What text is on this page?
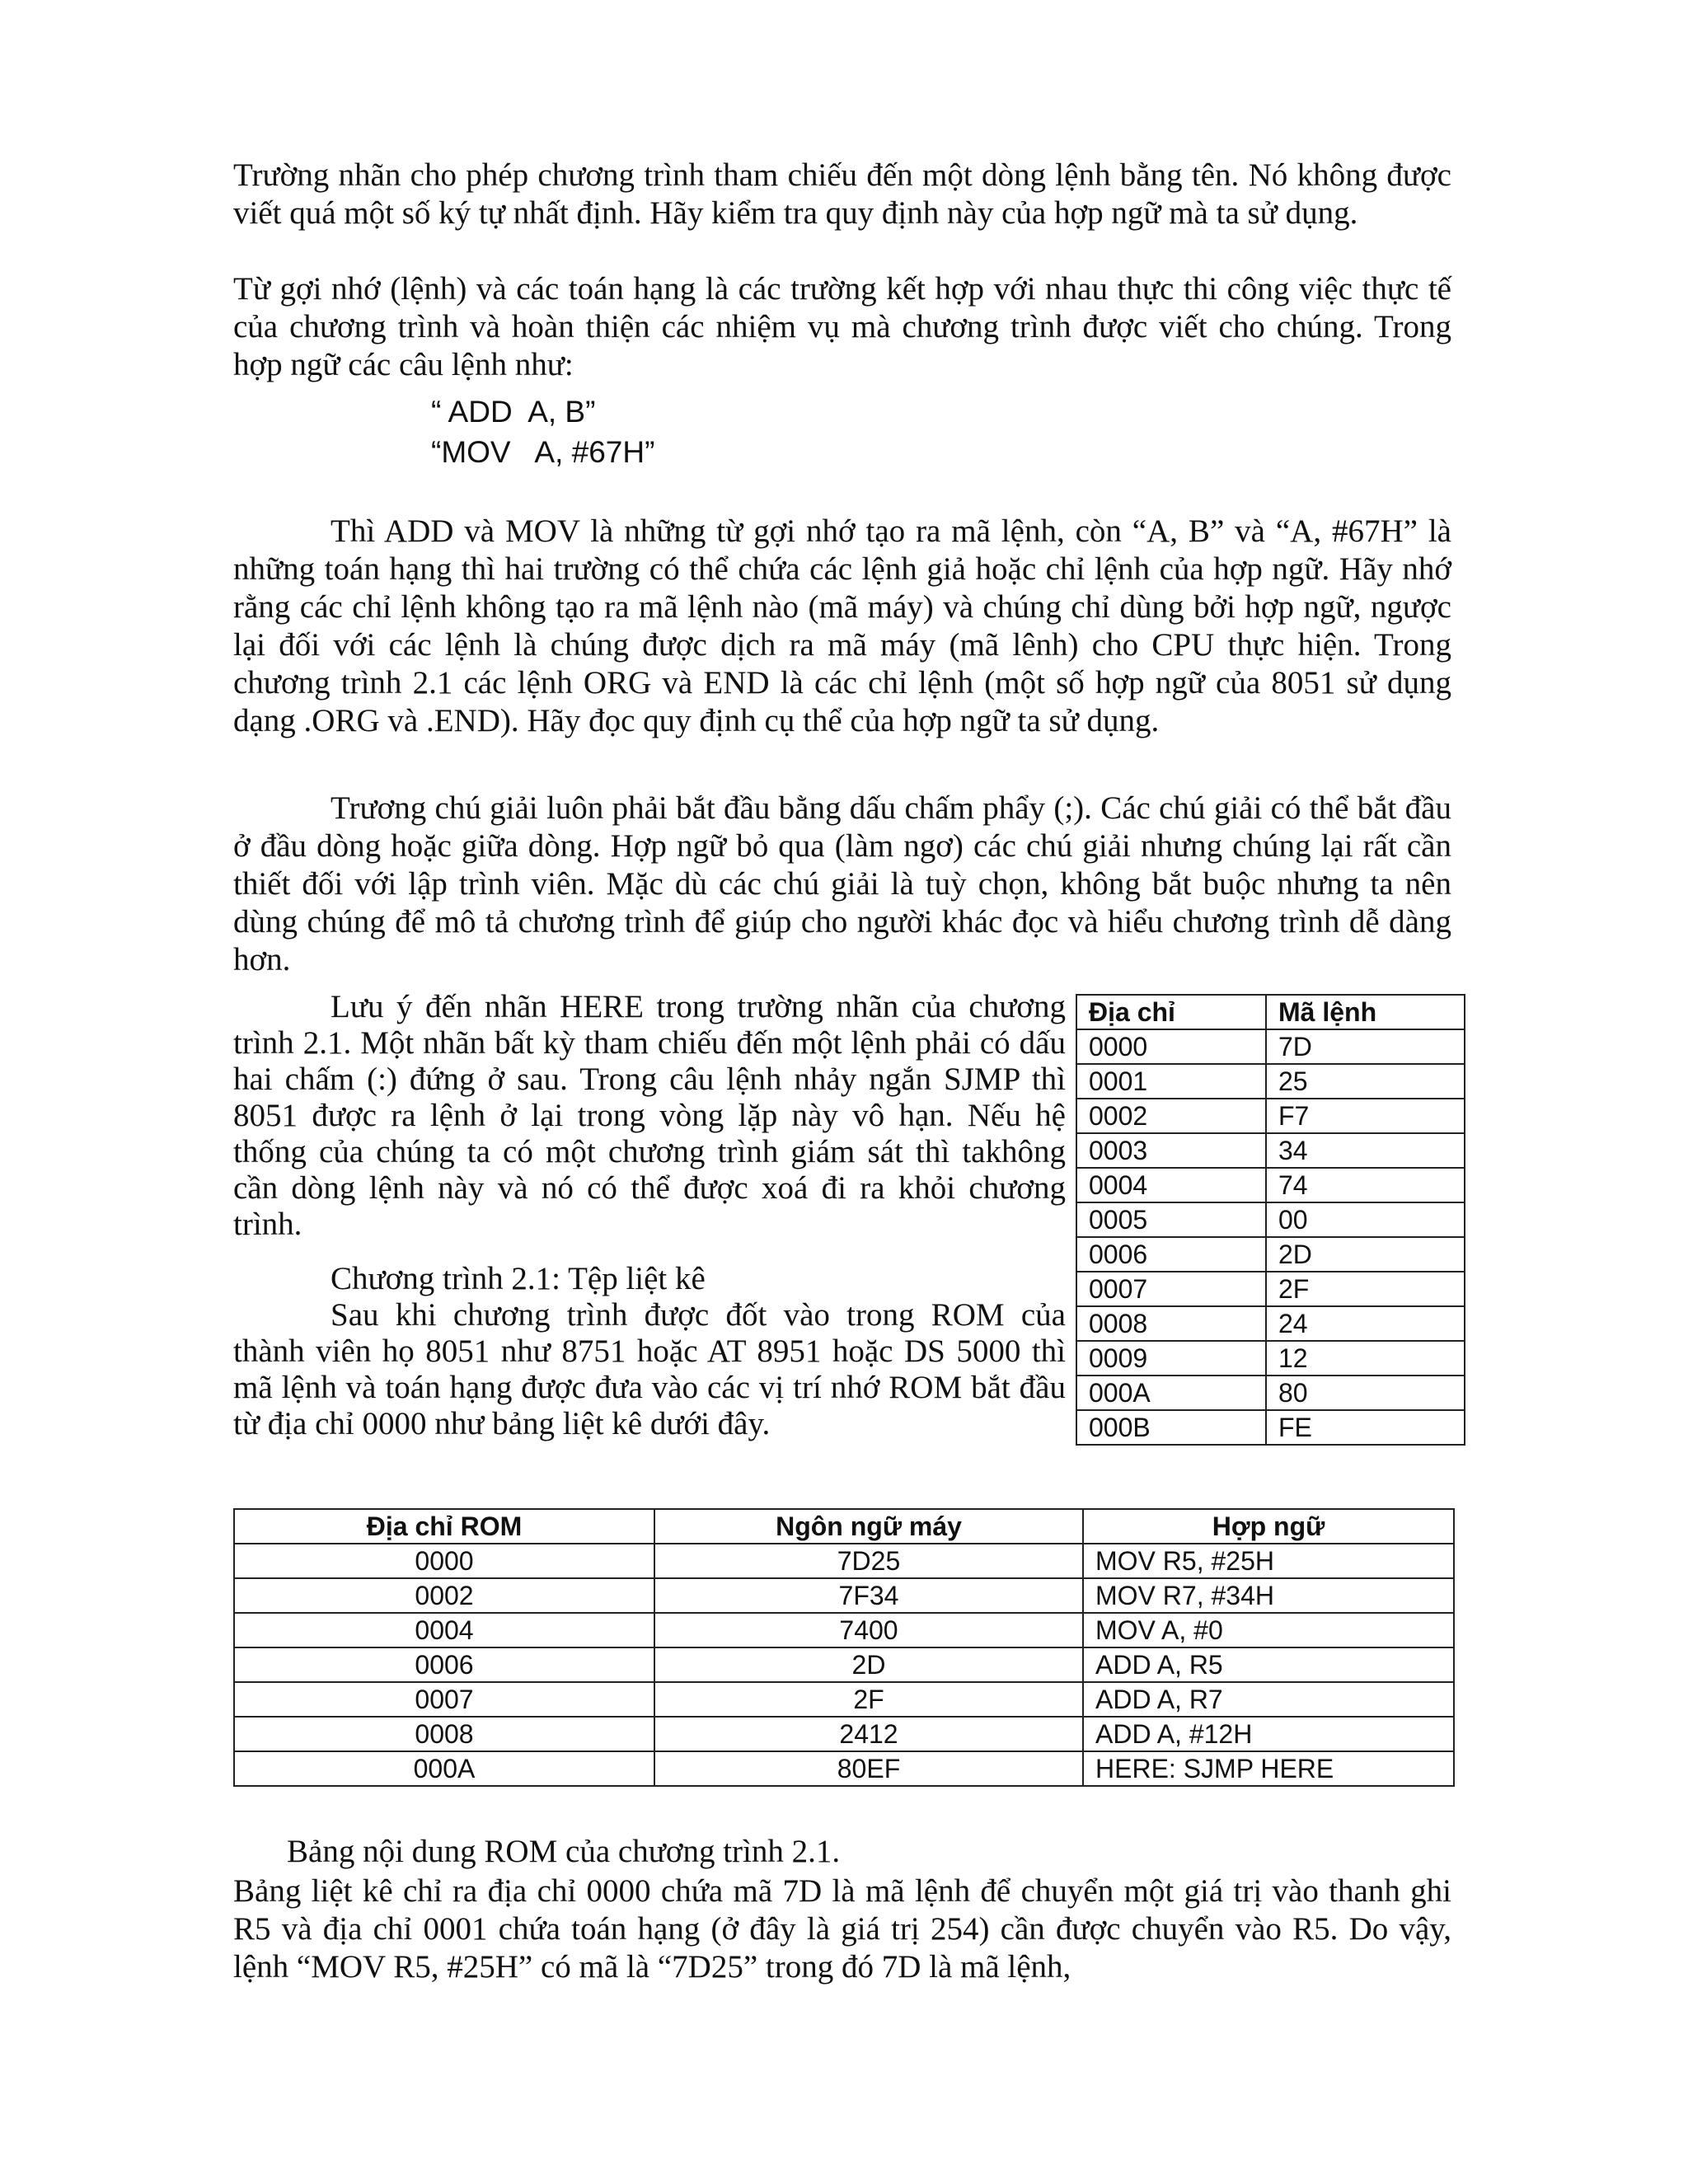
Trường nhãn cho phép chương trình tham chiếu đến một dòng lệnh bằng tên. Nó không được viết quá một số ký tự nhất định. Hãy kiểm tra quy định này của hợp ngữ mà ta sử dụng.

Từ gợi nhớ (lệnh) và các toán hạng là các trường kết hợp với nhau thực thi công việc thực tế của chương trình và hoàn thiện các nhiệm vụ mà chương trình được viết cho chúng. Trong hợp ngữ các câu lệnh như:

“ ADD  A, B”

“MOV   A, #67H”

Thì ADD và MOV là những từ gợi nhớ tạo ra mã lệnh, còn “A, B” và “A, #67H” là những toán hạng thì hai trường có thể chứa các lệnh giả hoặc chỉ lệnh của hợp ngữ. Hãy nhớ rằng các chỉ lệnh không tạo ra mã lệnh nào (mã máy) và chúng chỉ dùng bởi hợp ngữ, ngược lại đối với các lệnh là chúng được dịch ra mã máy (mã lênh) cho CPU thực hiện. Trong chương trình 2.1 các lệnh ORG và END là các chỉ lệnh (một số hợp ngữ của 8051 sử dụng dạng .ORG và .END). Hãy đọc quy định cụ thể của hợp ngữ ta sử dụng.

Trương chú giải luôn phải bắt đầu bằng dấu chấm phẩy (;). Các chú giải có thể bắt đầu ở đầu dòng hoặc giữa dòng. Hợp ngữ bỏ qua (làm ngơ) các chú giải nhưng chúng lại rất cần thiết đối với lập trình viên. Mặc dù các chú giải là tuỳ chọn, không bắt buộc nhưng ta nên dùng chúng để mô tả chương trình để giúp cho người khác đọc và hiểu chương trình dễ dàng hơn.

Lưu ý đến nhãn HERE trong trường nhãn của chương trình 2.1. Một nhãn bất kỳ tham chiếu đến một lệnh phải có dấu hai chấm (:) đứng ở sau. Trong câu lệnh nhảy ngắn SJMP thì 8051 được ra lệnh ở lại trong vòng lặp này vô hạn. Nếu hệ thống của chúng ta có một chương trình giám sát thì takhông cần dòng lệnh này và nó có thể được xoá đi ra khỏi chương trình.

Chương trình 2.1: Tệp liệt kê

Sau khi chương trình được đốt vào trong ROM của thành viên họ 8051 như 8751 hoặc AT 8951 hoặc DS 5000 thì mã lệnh và toán hạng được đưa vào các vị trí nhớ ROM bắt đầu từ địa chỉ 0000 như bảng liệt kê dưới đây.

Địa chỉ	Mã lệnh
0000	7D
0001	25
0002	F7
0003	34
0004	74
0005	00
0006	2D
0007	2F
0008	24
0009	12
000A	80
000B	FE
Địa chỉ ROM	Ngôn ngữ máy	Hợp ngữ
0000	7D25	MOV R5, #25H
0002	7F34	MOV R7, #34H
0004	7400	MOV A, #0
0006	2D	ADD A, R5
0007	2F	ADD A, R7
0008	2412	ADD A, #12H
000A	80EF	HERE: SJMP HERE

Bảng nội dung ROM của chương trình 2.1.

Bảng liệt kê chỉ ra địa chỉ 0000 chứa mã 7D là mã lệnh để chuyển một giá trị vào thanh ghi R5 và địa chỉ 0001 chứa toán hạng (ở đây là giá trị 254) cần được chuyển vào R5. Do vậy, lệnh “MOV R5, #25H” có mã là “7D25” trong đó 7D là mã lệnh,
